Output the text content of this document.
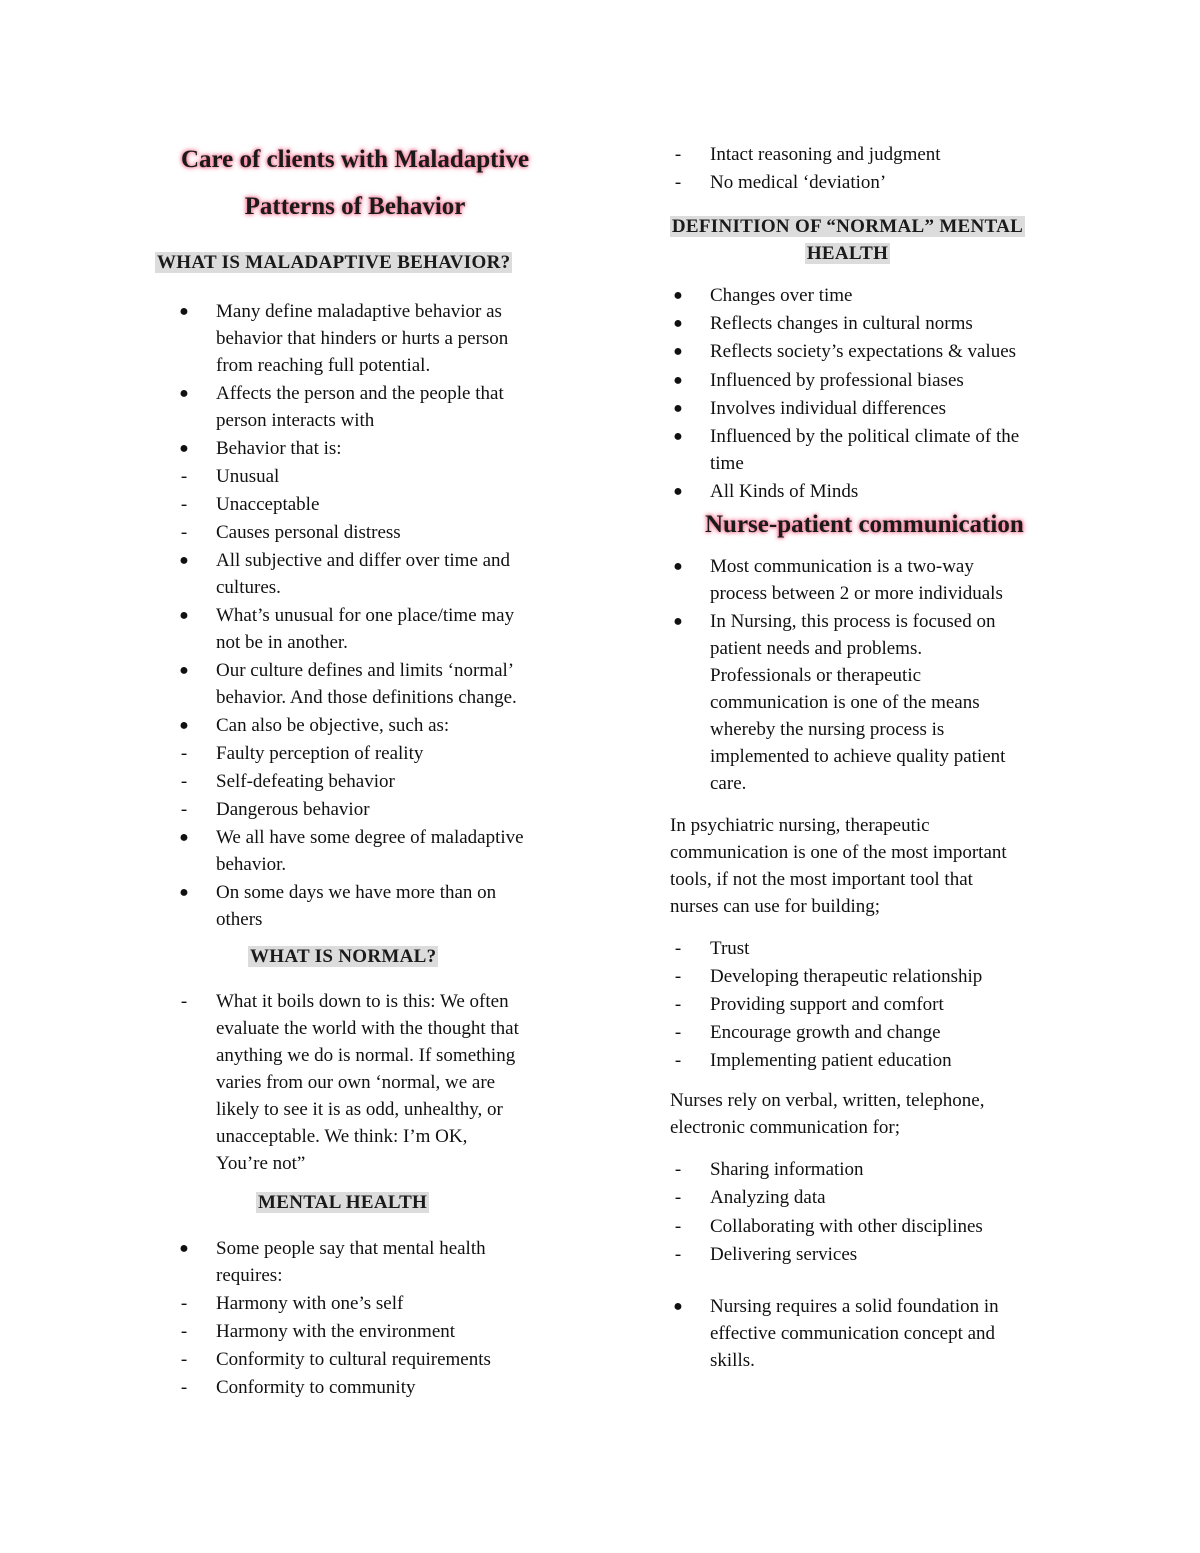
Care of clients with Maladaptive
Patterns of Behavior
WHAT IS MALADAPTIVE BEHAVIOR?
● Many define maladaptive behavior as
behavior that hinders or hurts a person
from reaching full potential.
● Affects the person and the people that
person interacts with
● Behavior that is:
-	Unusual
-	Unacceptable
-	Causes personal distress
● All subjective and differ over time and
cultures.
● What’s unusual for one place/time may
not be in another.
● Our culture defines and limits ‘normal’
behavior. And those definitions change.
● Can also be objective, such as:
-	Faulty perception of reality
-	Self-defeating behavior
-	Dangerous behavior
● We all have some degree of maladaptive
behavior.
● On some days we have more than on
others
WHAT IS NORMAL?
-	What it boils down to is this: We often
evaluate the world with the thought that
anything we do is normal. If something
varies from our own ‘normal, we are
likely to see it is as odd, unhealthy, or
unacceptable. We think: I’m OK,
You’re not”
MENTAL HEALTH
● Some people say that mental health
requires:
-	Harmony with one’s self
-	Harmony with the environment
-	Conformity to cultural requirements
-	Conformity to community
-	Intact reasoning and judgment
-	No medical ‘deviation’
DEFINITION OF “NORMAL” MENTAL
HEALTH
● Changes over time
● Reflects changes in cultural norms
● Reflects society’s expectations & values
● Influenced by professional biases
● Involves individual differences
● Influenced by the political climate of the
time
● All Kinds of Minds
Nurse-patient communication
● Most communication is a two-way
process between 2 or more individuals
● In Nursing, this process is focused on
patient needs and problems.
Professionals or therapeutic
communication is one of the means
whereby the nursing process is
implemented to achieve quality patient
care.
In psychiatric nursing, therapeutic
communication is one of the most important
tools, if not the most important tool that
nurses can use for building;
-	Trust
-	Developing therapeutic relationship
-	Providing support and comfort
-	Encourage growth and change
-	Implementing patient education
Nurses rely on verbal, written, telephone,
electronic communication for;
-	Sharing information
-	Analyzing data
-	Collaborating with other disciplines
-	Delivering services
● Nursing requires a solid foundation in
effective communication concept and
skills.
